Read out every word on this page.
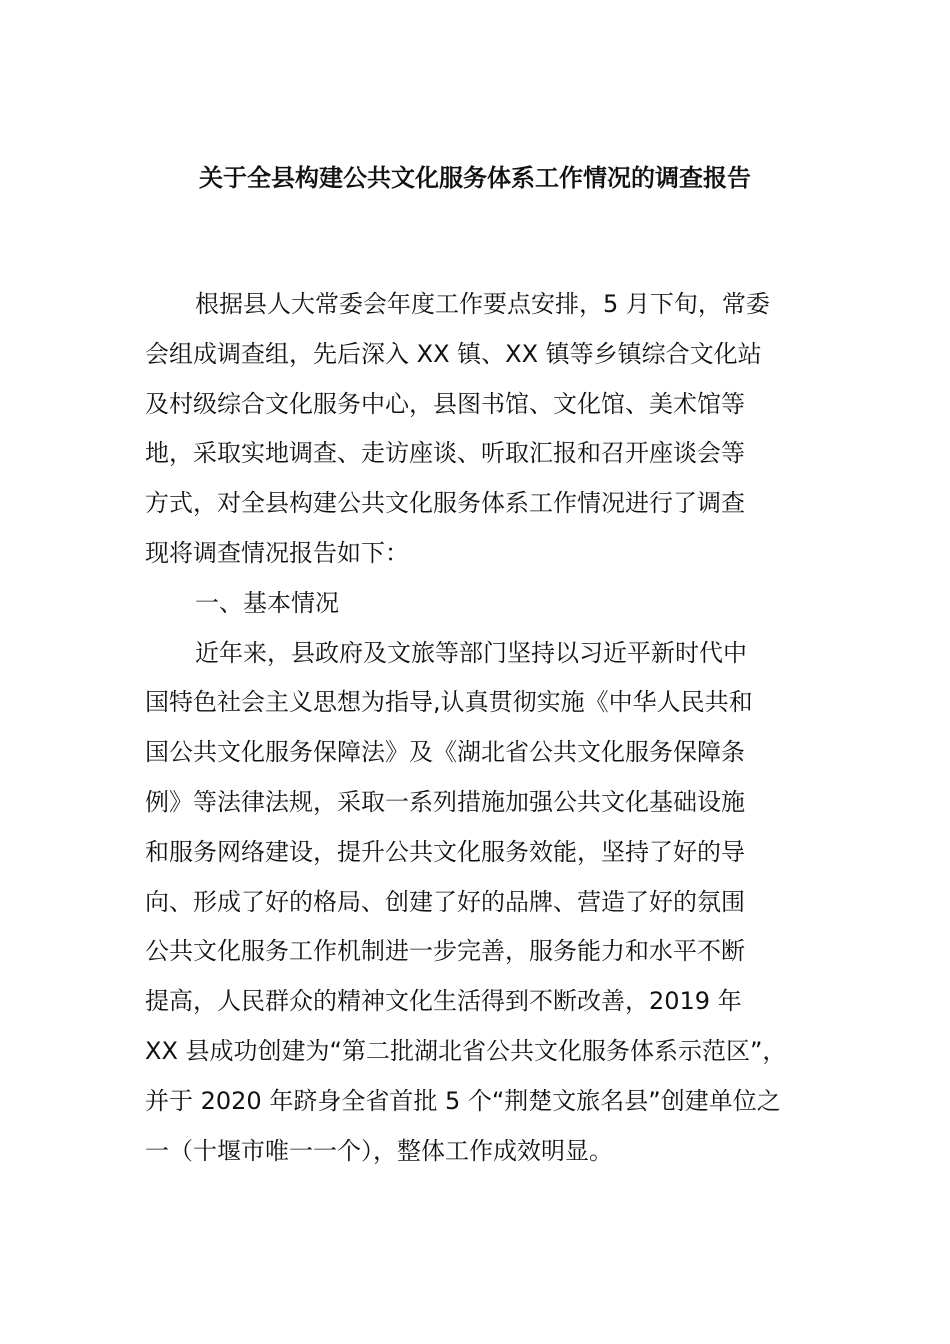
关于全县构建公共文化服务体系工作情况的调查报告
根据县人大常委会年度工作要点安排，5 月下旬，常委
会组成调查组，先后深入 XX 镇、XX 镇等乡镇综合文化站
及村级综合文化服务中心，县图书馆、文化馆、美术馆等
地，采取实地调查、走访座谈、听取汇报和召开座谈会等
方式，对全县构建公共文化服务体系工作情况进行了调查
现将调查情况报告如下：
一、基本情况
近年来，县政府及文旅等部门坚持以习近平新时代中
国特色社会主义思想为指导,认真贯彻实施《中华人民共和
国公共文化服务保障法》及《湖北省公共文化服务保障条
例》等法律法规，采取一系列措施加强公共文化基础设施
和服务网络建设，提升公共文化服务效能，坚持了好的导
向、形成了好的格局、创建了好的品牌、营造了好的氛围
公共文化服务工作机制进一步完善，服务能力和水平不断
提高，人民群众的精神文化生活得到不断改善，2019 年
XX 县成功创建为“第二批湖北省公共文化服务体系示范区”，
并于 2020 年跻身全省首批 5 个“荆楚文旅名县”创建单位之
一（十堰市唯一一个），整体工作成效明显。
